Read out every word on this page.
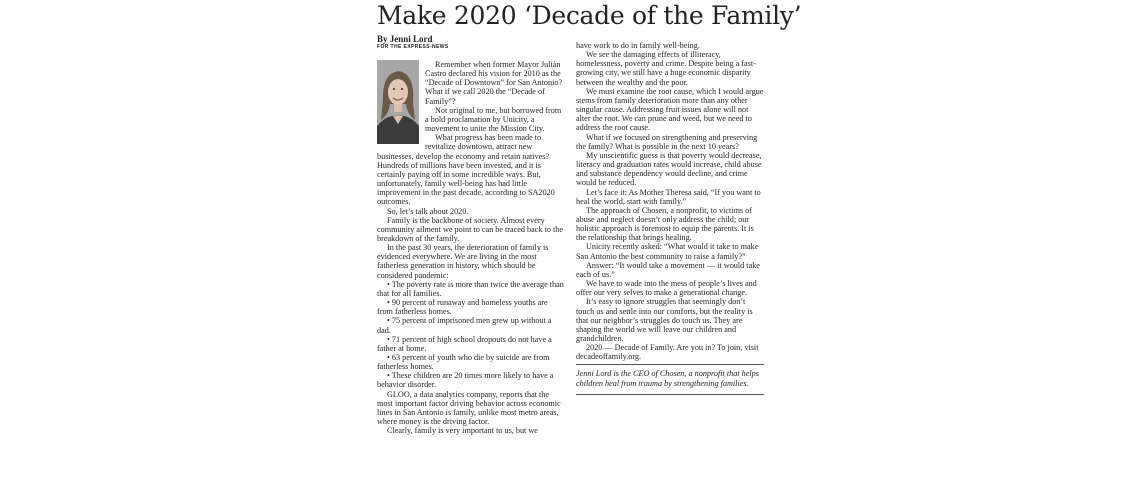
Make 2020 ‘Decade of the Family’
By Jenni Lord
FOR THE EXPRESS-NEWS

Remember when former Mayor Julián Castro declared his vision for 2010 as the “Decade of Downtown” for San Antonio? What if we call 2020 the “Decade of Family”?

Not original to me, but borrowed from a bold proclamation by Unicity, a movement to unite the Mission City.

What progress has been made to revitalize downtown, attract new businesses, develop the economy and retain natives? Hundreds of millions have been invested, and it is certainly paying off in some incredible ways. But, unfortunately, family well-being has had little improvement in the past decade, according to SA2020 outcomes.

So, let’s talk about 2020.

Family is the backbone of society. Almost every community ailment we point to can be traced back to the breakdown of the family.

In the past 30 years, the deterioration of family is evidenced everywhere. We are living in the most fatherless generation in history, which should be considered pandemic:

• The poverty rate is more than twice the average than that for all families.

• 90 percent of runaway and homeless youths are from fatherless homes.

• 75 percent of imprisoned men grew up without a dad.

• 71 percent of high school dropouts do not have a father at home.

• 63 percent of youth who die by suicide are from fatherless homes.

• These children are 20 times more likely to have a behavior disorder.

GLOO, a data analytics company, reports that the most important factor driving behavior across economic lines in San Antonio is family, unlike most metro areas, where money is the driving factor.

Clearly, family is very important to us, but we

have work to do in family well-being.

We see the damaging effects of illiteracy, homelessness, poverty and crime. Despite being a fast-growing city, we still have a huge economic disparity between the wealthy and the poor.

We must examine the root cause, which I would argue stems from family deterioration more than any other singular cause. Addressing fruit issues alone will not alter the root. We can prune and weed, but we need to address the root cause.

What if we focused on strengthening and preserving the family? What is possible in the next 10 years?

My unscientific guess is that poverty would decrease, literacy and graduation rates would increase, child abuse and substance dependency would decline, and crime would be reduced.

Let’s face it: As Mother Theresa said, “If you want to heal the world, start with family.”

The approach of Chosen, a nonprofit, to victims of abuse and neglect doesn’t only address the child; our holistic approach is foremost to equip the parents. It is the relationship that brings healing.

Unicity recently asked: “What would it take to make San Antonio the best community to raise a family?”

Answer: “It would take a movement — it would take each of us.”

We have to wade into the mess of people’s lives and offer our very selves to make a generational change.

It’s easy to ignore struggles that seemingly don’t touch us and settle into our comforts, but the reality is that our neighbor’s struggles do touch us. They are shaping the world we will leave our children and grandchildren.

2020 — Decade of Family. Are you in? To join, visit decadeoffamily.org.

Jenni Lord is the CEO of Chosen, a nonprofit that helps children heal from trauma by strengthening families.
